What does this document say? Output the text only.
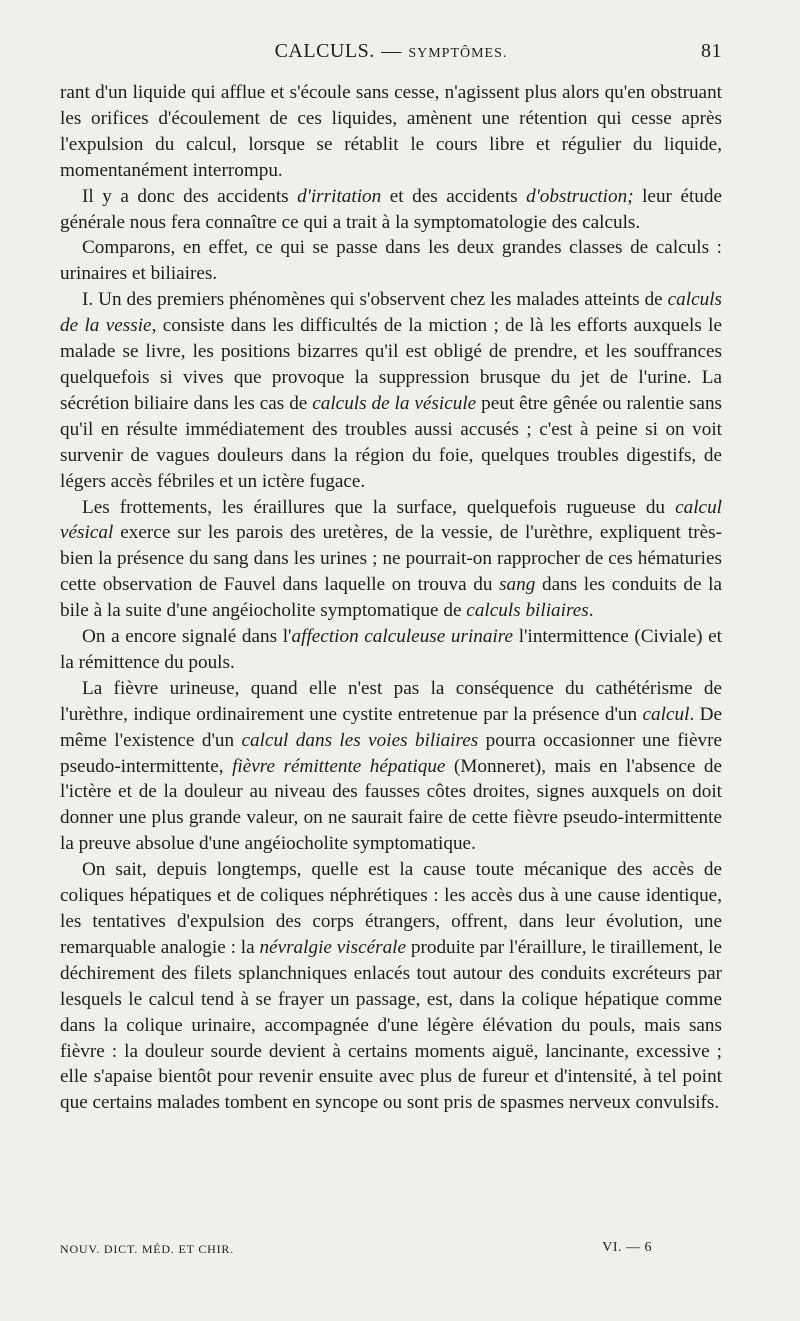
CALCULS. — SYMPTÔMES.	81

rant d'un liquide qui afflue et s'écoule sans cesse, n'agissent plus alors qu'en obstruant les orifices d'écoulement de ces liquides, amènent une rétention qui cesse après l'expulsion du calcul, lorsque se rétablit le cours libre et régulier du liquide, momentanément interrompu.

Il y a donc des accidents d'irritation et des accidents d'obstruction; leur étude générale nous fera connaître ce qui a trait à la symptomatologie des calculs.

Comparons, en effet, ce qui se passe dans les deux grandes classes de calculs : urinaires et biliaires.

I. Un des premiers phénomènes qui s'observent chez les malades atteints de calculs de la vessie, consiste dans les difficultés de la miction ; de là les efforts auxquels le malade se livre, les positions bizarres qu'il est obligé de prendre, et les souffrances quelquefois si vives que provoque la suppression brusque du jet de l'urine. La sécrétion biliaire dans les cas de calculs de la vésicule peut être gênée ou ralentie sans qu'il en résulte immédiatement des troubles aussi accusés ; c'est à peine si on voit survenir de vagues douleurs dans la région du foie, quelques troubles digestifs, de légers accès fébriles et un ictère fugace.

Les frottements, les éraillures que la surface, quelquefois rugueuse du calcul vésical exerce sur les parois des uretères, de la vessie, de l'urèthre, expliquent très-bien la présence du sang dans les urines ; ne pourrait-on rapprocher de ces hématuries cette observation de Fauvel dans laquelle on trouva du sang dans les conduits de la bile à la suite d'une angéiocholite symptomatique de calculs biliaires.

On a encore signalé dans l'affection calculeuse urinaire l'intermittence (Civiale) et la rémittence du pouls.

La fièvre urineuse, quand elle n'est pas la conséquence du cathétérisme de l'urèthre, indique ordinairement une cystite entretenue par la présence d'un calcul. De même l'existence d'un calcul dans les voies biliaires pourra occasionner une fièvre pseudo-intermittente, fièvre rémittente hépatique (Monneret), mais en l'absence de l'ictère et de la douleur au niveau des fausses côtes droites, signes auxquels on doit donner une plus grande valeur, on ne saurait faire de cette fièvre pseudo-intermittente la preuve absolue d'une angéiocholite symptomatique.

On sait, depuis longtemps, quelle est la cause toute mécanique des accès de coliques hépatiques et de coliques néphrétiques : les accès dus à une cause identique, les tentatives d'expulsion des corps étrangers, offrent, dans leur évolution, une remarquable analogie : la névralgie viscérale produite par l'éraillure, le tiraillement, le déchirement des filets splanchniques enlacés tout autour des conduits excréteurs par lesquels le calcul tend à se frayer un passage, est, dans la colique hépatique comme dans la colique urinaire, accompagnée d'une légère élévation du pouls, mais sans fièvre : la douleur sourde devient à certains moments aiguë, lancinante, excessive ; elle s'apaise bientôt pour revenir ensuite avec plus de fureur et d'intensité, à tel point que certains malades tombent en syncope ou sont pris de spasmes nerveux convulsifs.

NOUV. DICT. MÉD. ET CHIR.	VI. — 6
